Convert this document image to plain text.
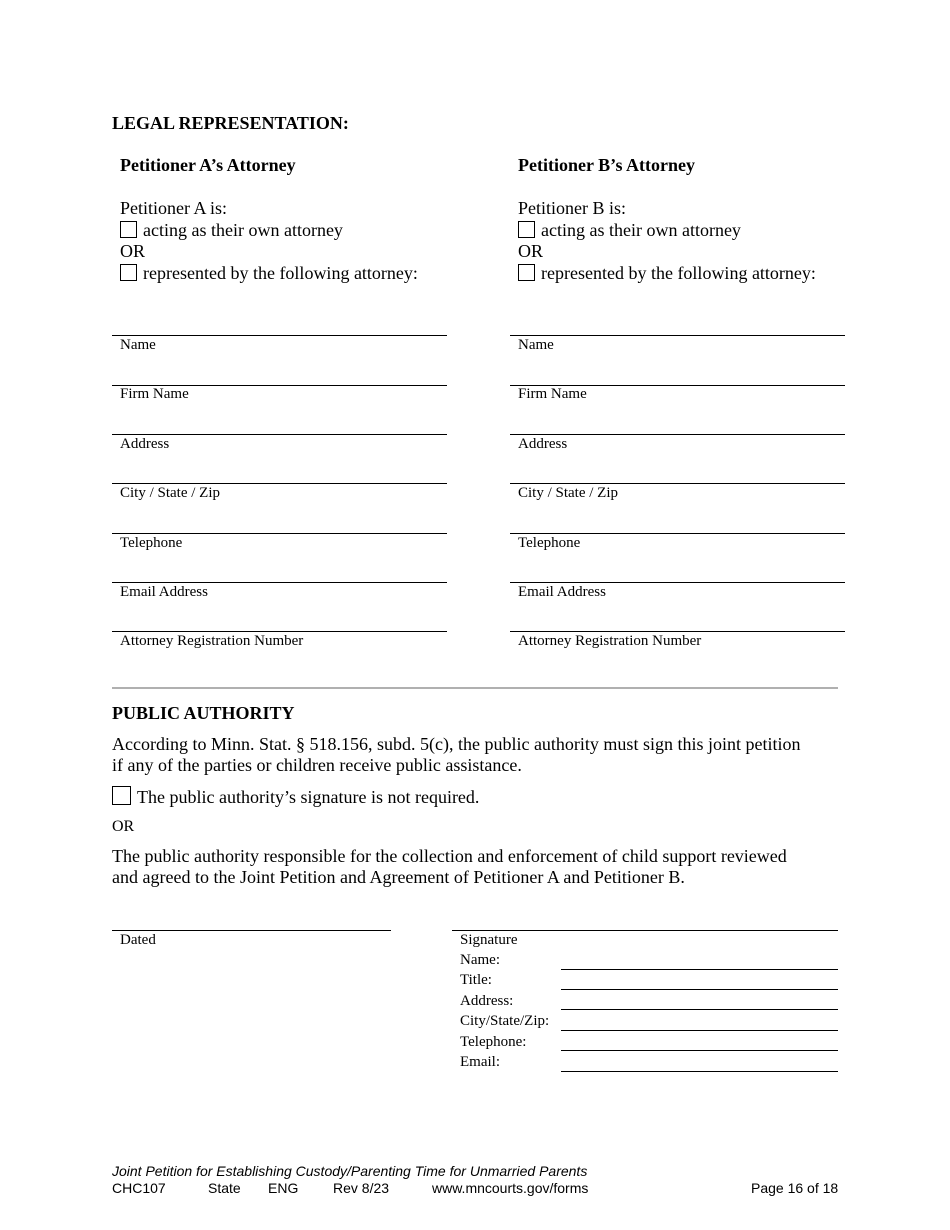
LEGAL REPRESENTATION:
Petitioner A’s Attorney
Petitioner A is:
acting as their own attorney
OR
represented by the following attorney:
Name
Firm Name
Address
City / State / Zip
Telephone
Email Address
Attorney Registration Number
Petitioner B’s Attorney
Petitioner B is:
acting as their own attorney
OR
represented by the following attorney:
Name
Firm Name
Address
City / State / Zip
Telephone
Email Address
Attorney Registration Number
PUBLIC AUTHORITY
According to Minn. Stat. § 518.156, subd. 5(c), the public authority must sign this joint petition
if any of the parties or children receive public assistance.
The public authority’s signature is not required.
OR
The public authority responsible for the collection and enforcement of child support reviewed
and agreed to the Joint Petition and Agreement of Petitioner A and Petitioner B.
Dated	Signature
Name:
Title:
Address:
City/State/Zip:
Telephone:
Email:
Joint Petition for Establishing Custody/Parenting Time for Unmarried Parents
CHC107	State ENG Rev 8/23	www.mncourts.gov/forms	Page 16 of 18
